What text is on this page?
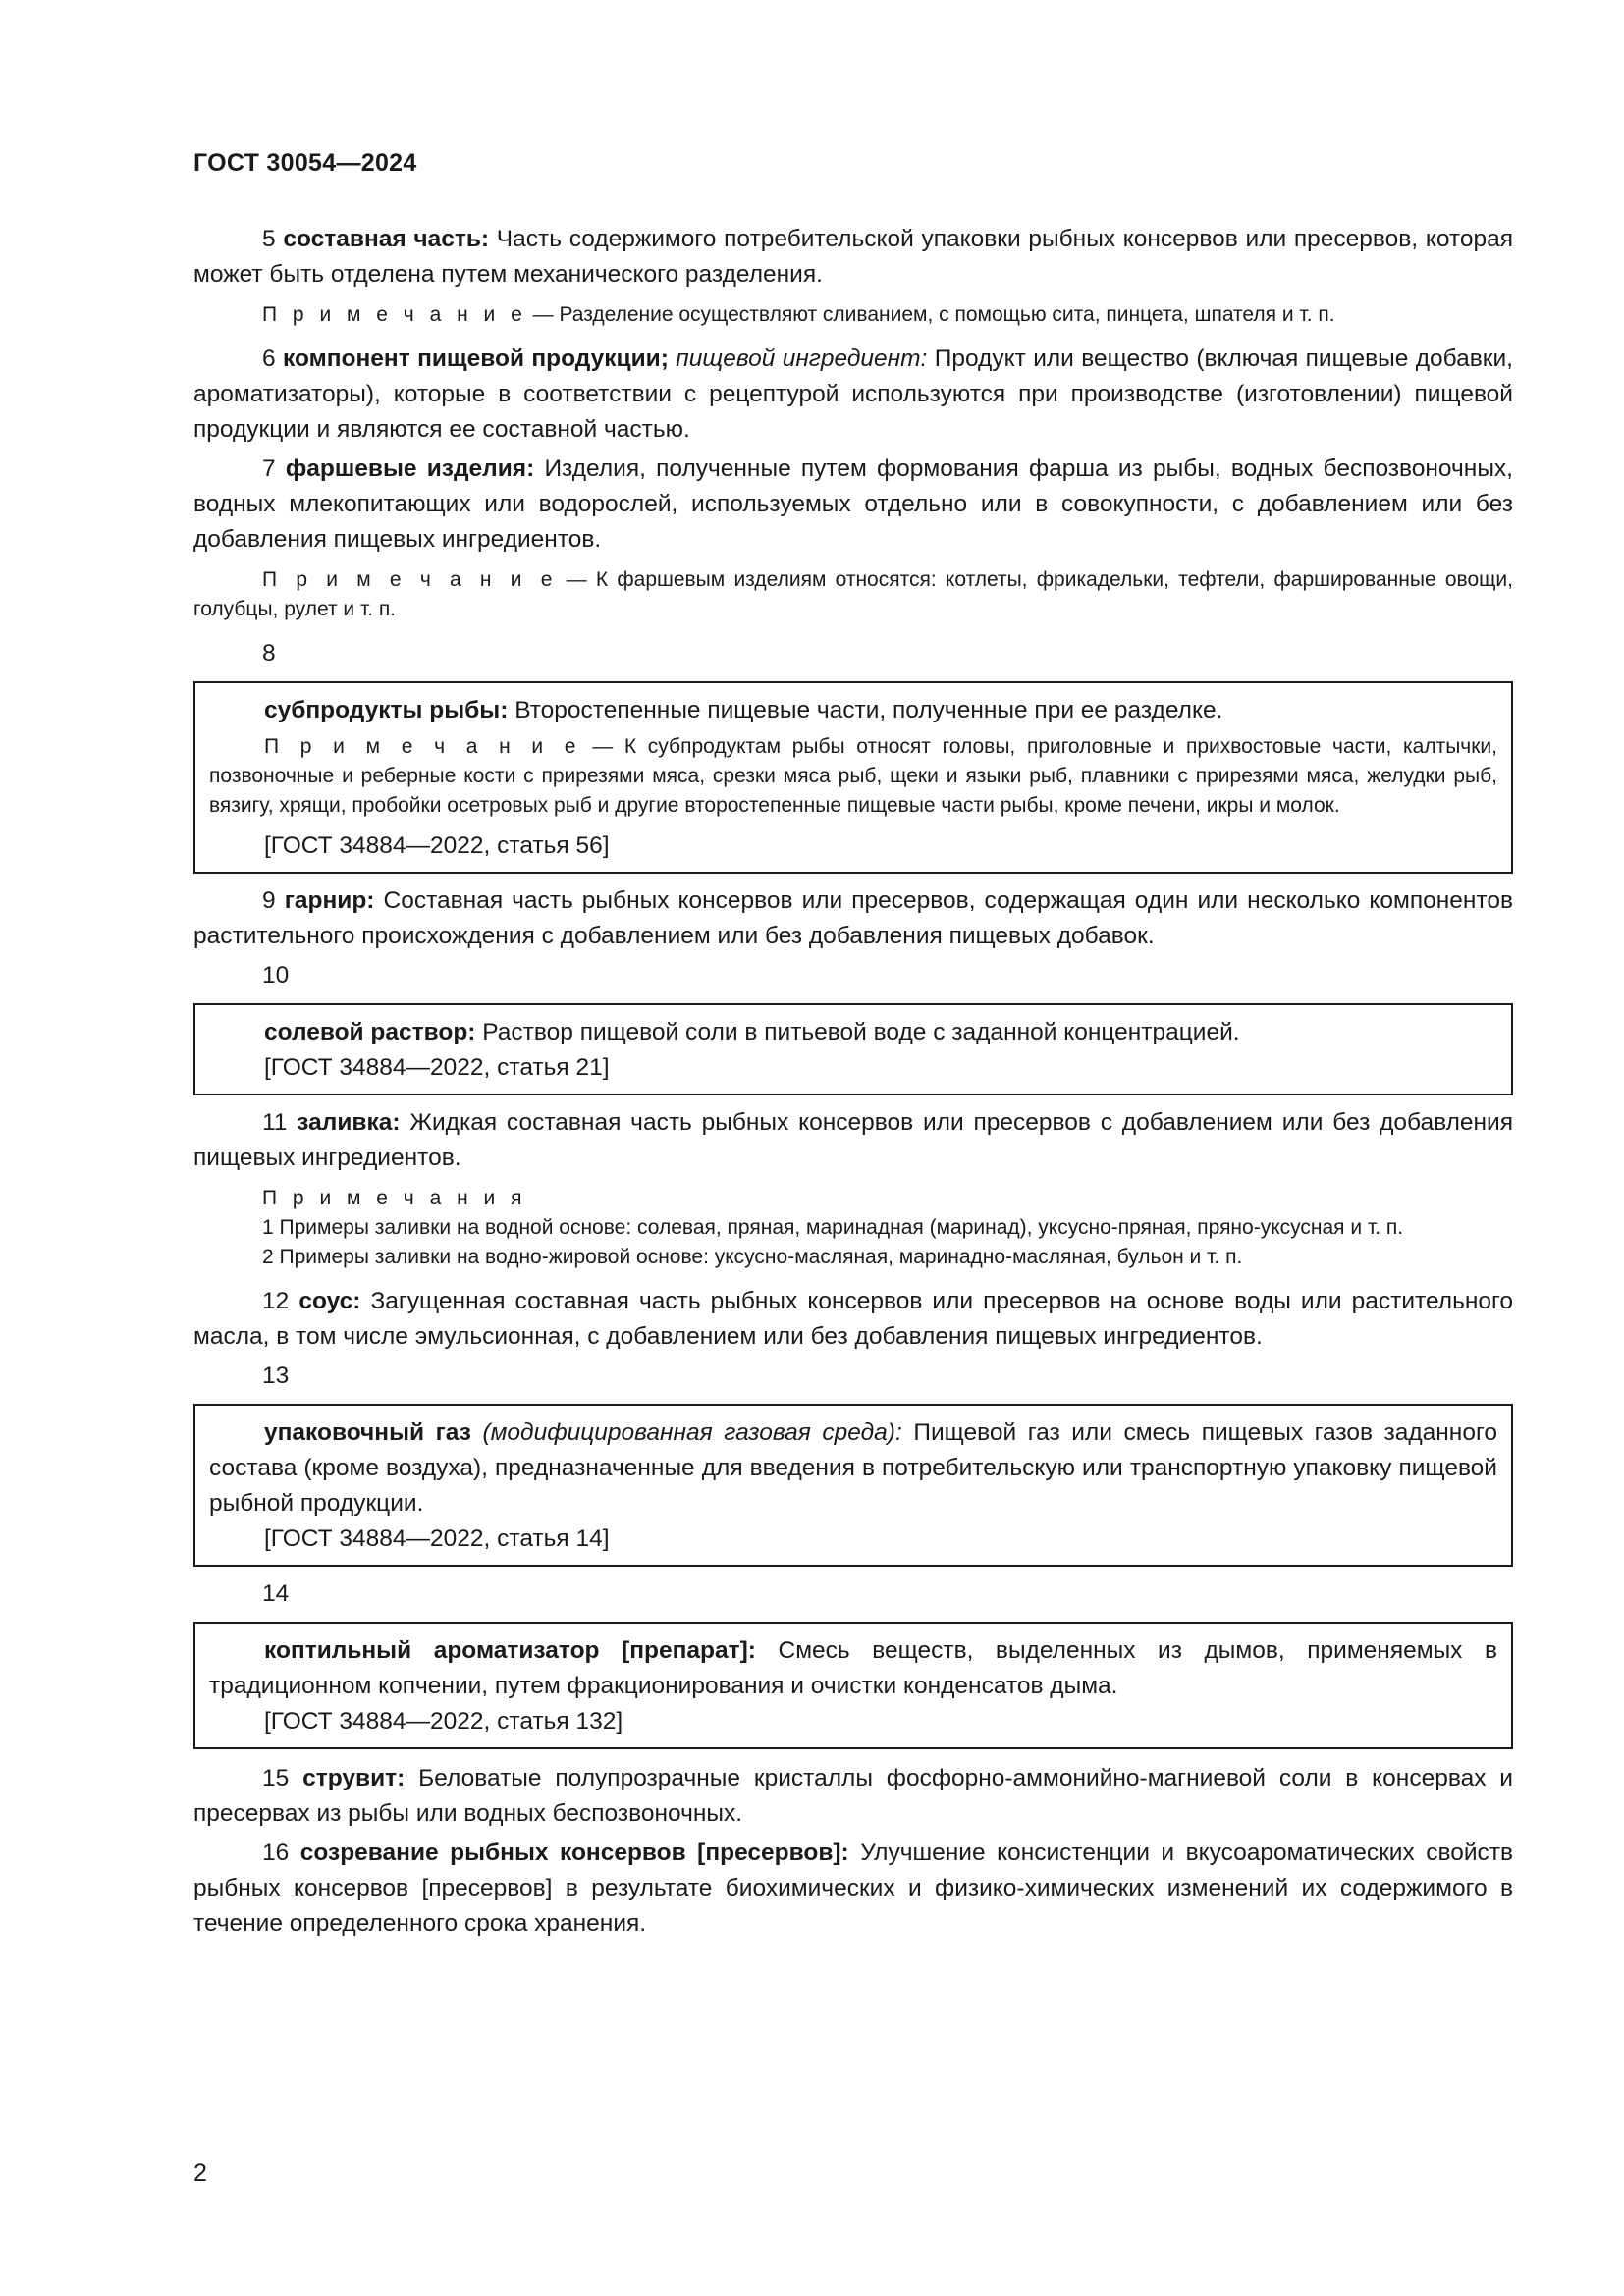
ГОСТ 30054—2024

5 составная часть: Часть содержимого потребительской упаковки рыбных консервов или пресервов, которая может быть отделена путем механического разделения.

П р и м е ч а н и е — Разделение осуществляют сливанием, с помощью сита, пинцета, шпателя и т. п.

6 компонент пищевой продукции; пищевой ингредиент: Продукт или вещество (включая пищевые добавки, ароматизаторы), которые в соответствии с рецептурой используются при производстве (изготовлении) пищевой продукции и являются ее составной частью.

7 фаршевые изделия: Изделия, полученные путем формования фарша из рыбы, водных беспозвоночных, водных млекопитающих или водорослей, используемых отдельно или в совокупности, с добавлением или без добавления пищевых ингредиентов.

П р и м е ч а н и е — К фаршевым изделиям относятся: котлеты, фрикадельки, тефтели, фаршированные овощи, голубцы, рулет и т. п.

8

субпродукты рыбы: Второстепенные пищевые части, полученные при ее разделке.

П р и м е ч а н и е — К субпродуктам рыбы относят головы, приголовные и прихвостовые части, калтычки, позвоночные и реберные кости с прирезями мяса, срезки мяса рыб, щеки и языки рыб, плавники с прирезями мяса, желудки рыб, вязигу, хрящи, пробойки осетровых рыб и другие второстепенные пищевые части рыбы, кроме печени, икры и молок.

[ГОСТ 34884—2022, статья 56]

9 гарнир: Составная часть рыбных консервов или пресервов, содержащая один или несколько компонентов растительного происхождения с добавлением или без добавления пищевых добавок.

10

солевой раствор: Раствор пищевой соли в питьевой воде с заданной концентрацией.

[ГОСТ 34884—2022, статья 21]

11 заливка: Жидкая составная часть рыбных консервов или пресервов с добавлением или без добавления пищевых ингредиентов.

П р и м е ч а н и я
1 Примеры заливки на водной основе: солевая, пряная, маринадная (маринад), уксусно-пряная, пряно-уксусная и т. п.
2 Примеры заливки на водно-жировой основе: уксусно-масляная, маринадно-масляная, бульон и т. п.

12 соус: Загущенная составная часть рыбных консервов или пресервов на основе воды или растительного масла, в том числе эмульсионная, с добавлением или без добавления пищевых ингредиентов.

13

упаковочный газ (модифицированная газовая среда): Пищевой газ или смесь пищевых газов заданного состава (кроме воздуха), предназначенные для введения в потребительскую или транспортную упаковку пищевой рыбной продукции.

[ГОСТ 34884—2022, статья 14]

14

коптильный ароматизатор [препарат]: Смесь веществ, выделенных из дымов, применяемых в традиционном копчении, путем фракционирования и очистки конденсатов дыма.

[ГОСТ 34884—2022, статья 132]

15 струвит: Беловатые полупрозрачные кристаллы фосфорно-аммонийно-магниевой соли в консервах и пресервах из рыбы или водных беспозвоночных.

16 созревание рыбных консервов [пресервов]: Улучшение консистенции и вкусоароматических свойств рыбных консервов [пресервов] в результате биохимических и физико-химических изменений их содержимого в течение определенного срока хранения.

2
